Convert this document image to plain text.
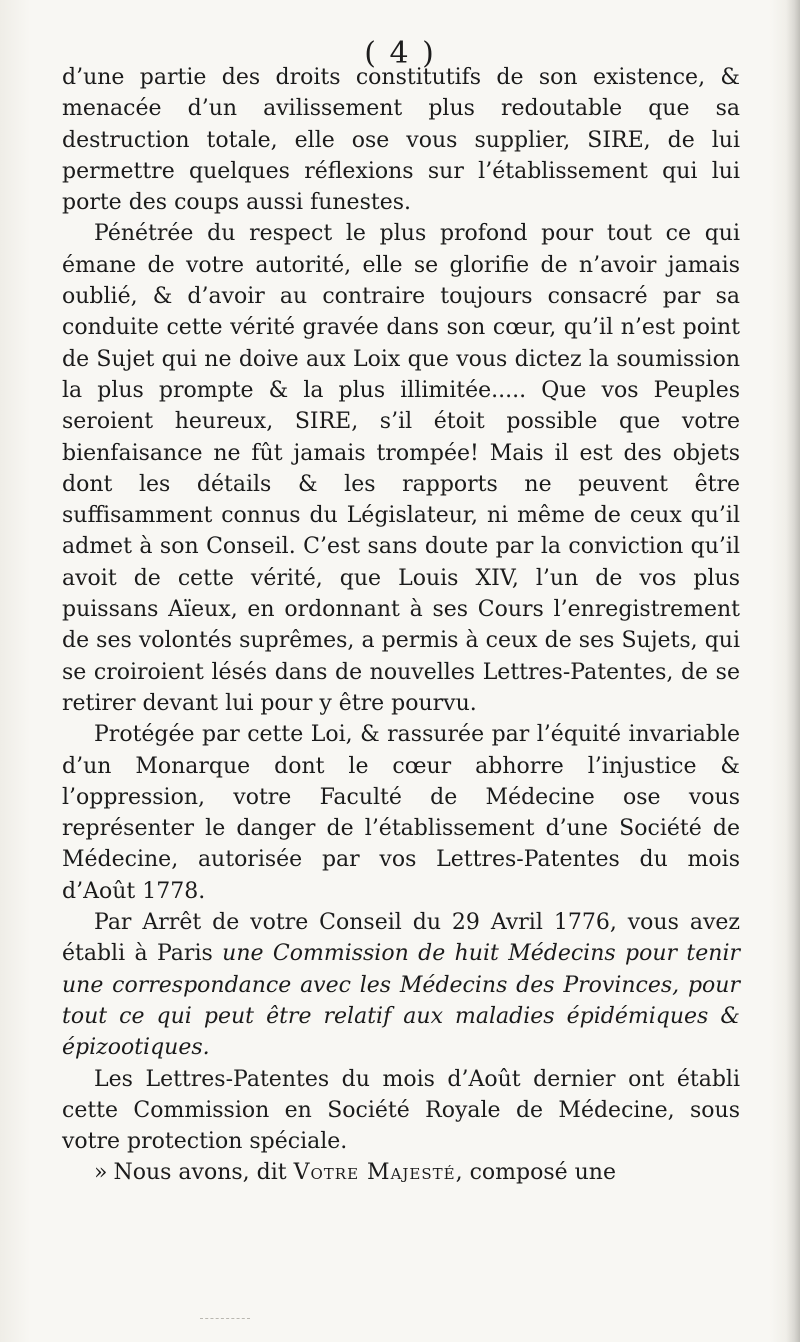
( 4 )

d’une partie des droits constitutifs de son existence, & menacée d’un avilissement plus redoutable que sa destruction totale, elle ose vous supplier, SIRE, de lui permettre quelques réflexions sur l’établissement qui lui porte des coups aussi funestes.

Pénétrée du respect le plus profond pour tout ce qui émane de votre autorité, elle se glorifie de n’avoir jamais oublié, & d’avoir au contraire toujours consacré par sa conduite cette vérité gravée dans son cœur, qu’il n’est point de Sujet qui ne doive aux Loix que vous dictez la soumission la plus prompte & la plus illimitée..... Que vos Peuples seroient heureux, SIRE, s’il étoit possible que votre bienfaisance ne fût jamais trompée! Mais il est des objets dont les détails & les rapports ne peuvent être suffisamment connus du Législateur, ni même de ceux qu’il admet à son Conseil. C’est sans doute par la conviction qu’il avoit de cette vérité, que Louis XIV, l’un de vos plus puissans Aïeux, en ordonnant à ses Cours l’enregistrement de ses volontés suprêmes, a permis à ceux de ses Sujets, qui se croiroient lésés dans de nouvelles Lettres-Patentes, de se retirer devant lui pour y être pourvu.

Protégée par cette Loi, & rassurée par l’équité invariable d’un Monarque dont le cœur abhorre l’injustice & l’oppression, votre Faculté de Médecine ose vous représenter le danger de l’établissement d’une Société de Médecine, autorisée par vos Lettres-Patentes du mois d’Août 1778.

Par Arrêt de votre Conseil du 29 Avril 1776, vous avez établi à Paris une Commission de huit Médecins pour tenir une correspondance avec les Médecins des Provinces, pour tout ce qui peut être relatif aux maladies épidémiques & épizootiques.

Les Lettres-Patentes du mois d’Août dernier ont établi cette Commission en Société Royale de Médecine, sous votre protection spéciale.

» Nous avons, dit Votre Majesté, composé une
